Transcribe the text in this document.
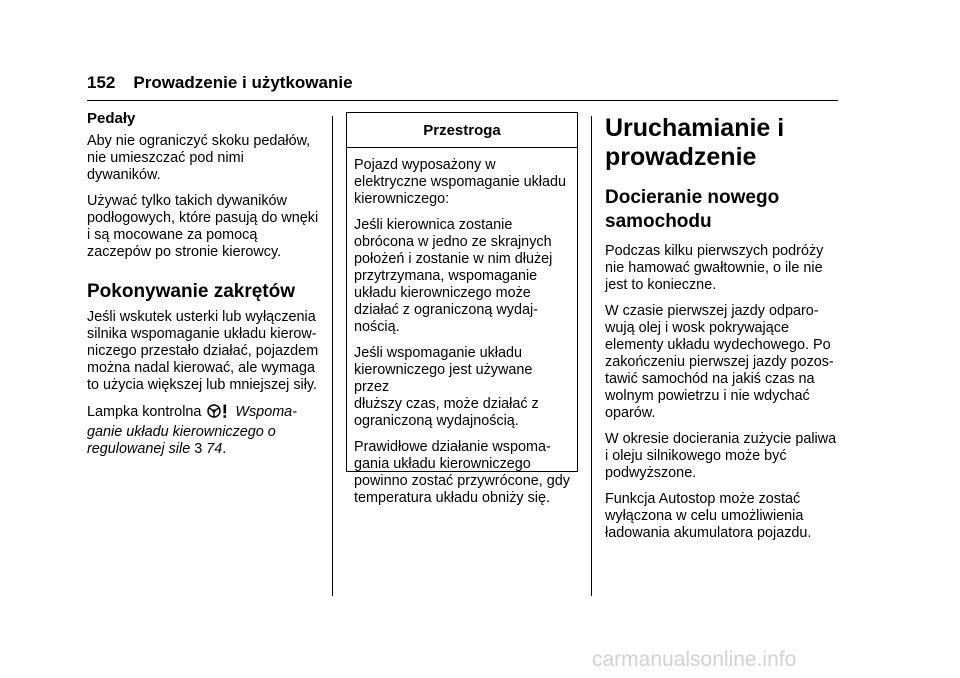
152 Prowadzenie i użytkowanie
Pedały

Aby nie ograniczyć skoku pedałów,
nie umieszczać pod nimi
dywaników.

Używać tylko takich dywaników
podłogowych, które pasują do wnęki
i są mocowane za pomocą
zaczepów po stronie kierowcy.

Pokonywanie zakrętów

Jeśli wskutek usterki lub wyłączenia
silnika wspomaganie układu kierow-
niczego przestało działać, pojazdem
można nadal kierować, ale wymaga
to użycia większej lub mniejszej siły.

Lampka kontrolna  Wspoma-
ganie układu kierowniczego o
regulowanej sile 3 74.

Przestroga

Pojazd wyposażony w
elektryczne wspomaganie układu
kierowniczego:

Jeśli kierownica zostanie
obrócona w jedno ze skrajnych
położeń i zostanie w nim dłużej
przytrzymana, wspomaganie
układu kierowniczego może
działać z ograniczoną wydaj-
nością.

Jeśli wspomaganie układu
kierowniczego jest używane przez
dłuższy czas, może działać z
ograniczoną wydajnością.

Prawidłowe działanie wspoma-
gania układu kierowniczego
powinno zostać przywrócone, gdy
temperatura układu obniży się.

Uruchamianie i
prowadzenie
Docieranie nowego
samochodu

Podczas kilku pierwszych podróży
nie hamować gwałtownie, o ile nie
jest to konieczne.

W czasie pierwszej jazdy odparo-
wują olej i wosk pokrywające
elementy układu wydechowego. Po
zakończeniu pierwszej jazdy pozos-
tawić samochód na jakiś czas na
wolnym powietrzu i nie wdychać
oparów.

W okresie docierania zużycie paliwa
i oleju silnikowego może być
podwyższone.

Funkcja Autostop może zostać
wyłączona w celu umożliwienia
ładowania akumulatora pojazdu.

carmanualsonline.info
